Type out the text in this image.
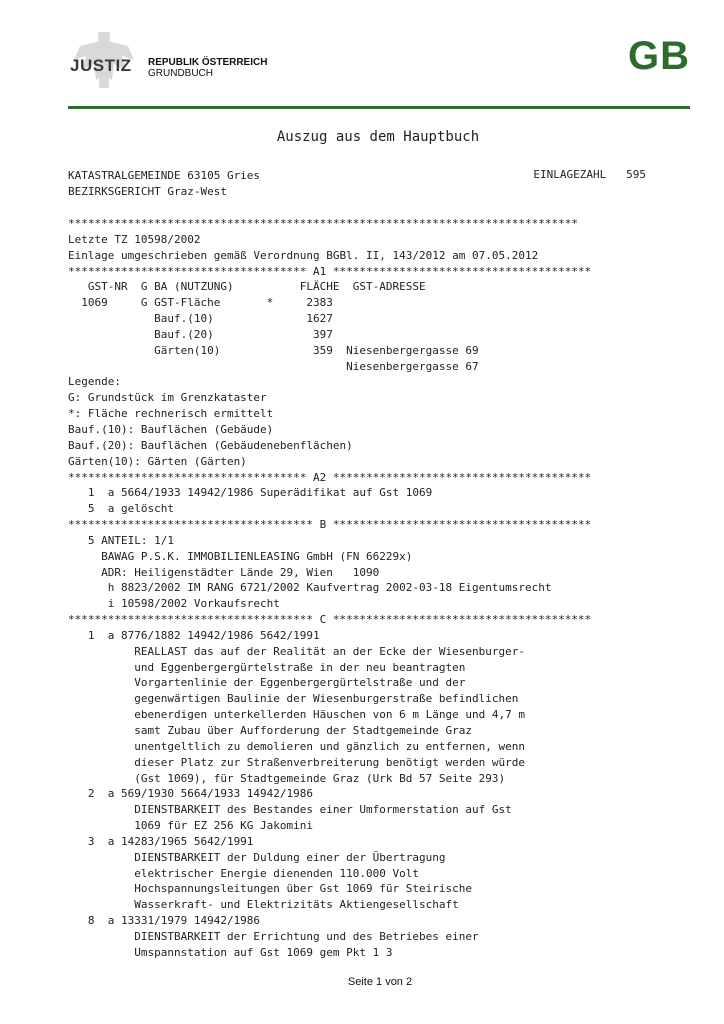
JUSTIZ REPUBLIK ÖSTERREICH
GRUNDBUCH	GB
Auszug aus dem Hauptbuch
KATASTRALGEMEINDE 63105 Gries	EINLAGEZAHL   595
BEZIRKSGERICHT Graz-West
*****************************************************************************
Letzte TZ 10598/2002
Einlage umgeschrieben gemäß Verordnung BGBl. II, 143/2012 am 07.05.2012
************************************ A1 ***************************************
GST-NR  G BA (NUTZUNG)          FLÄCHE  GST-ADRESSE
1069     G GST-Fläche       *     2383
Bauf.(10)              1627
Bauf.(20)               397
Gärten(10)              359  Niesenbergergasse 69
Niesenbergergasse 67
Legende:
G: Grundstück im Grenzkataster
*: Fläche rechnerisch ermittelt
Bauf.(10): Bauflächen (Gebäude)
Bauf.(20): Bauflächen (Gebäudenebenflächen)
Gärten(10): Gärten (Gärten)
************************************ A2 ***************************************
1  a 5664/1933 14942/1986 Superädifikat auf Gst 1069
5  a gelöscht
************************************* B ***************************************
5 ANTEIL: 1/1
BAWAG P.S.K. IMMOBILIENLEASING GmbH (FN 66229x)
ADR: Heiligenstädter Lände 29, Wien   1090
h 8823/2002 IM RANG 6721/2002 Kaufvertrag 2002-03-18 Eigentumsrecht
i 10598/2002 Vorkaufsrecht
************************************* C ***************************************
1  a 8776/1882 14942/1986 5642/1991
REALLAST das auf der Realität an der Ecke der Wiesenburger-
und Eggenbergergürtelstraße in der neu beantragten
Vorgartenlinie der Eggenbergergürtelstraße und der
gegenwärtigen Baulinie der Wiesenburgerstraße befindlichen
ebenerdigen unterkellerden Häuschen von 6 m Länge und 4,7 m
samt Zubau über Aufforderung der Stadtgemeinde Graz
unentgeltlich zu demolieren und gänzlich zu entfernen, wenn
dieser Platz zur Straßenverbreiterung benötigt werden würde
(Gst 1069), für Stadtgemeinde Graz (Urk Bd 57 Seite 293)
2  a 569/1930 5664/1933 14942/1986
DIENSTBARKEIT des Bestandes einer Umformerstation auf Gst
1069 für EZ 256 KG Jakomini
3  a 14283/1965 5642/1991
DIENSTBARKEIT der Duldung einer der Übertragung
elektrischer Energie dienenden 110.000 Volt
Hochspannungsleitungen über Gst 1069 für Steirische
Wasserkraft- und Elektrizitäts Aktiengesellschaft
8  a 13331/1979 14942/1986
DIENSTBARKEIT der Errichtung und des Betriebes einer
Umspannstation auf Gst 1069 gem Pkt 1 3
Seite 1 von 2
